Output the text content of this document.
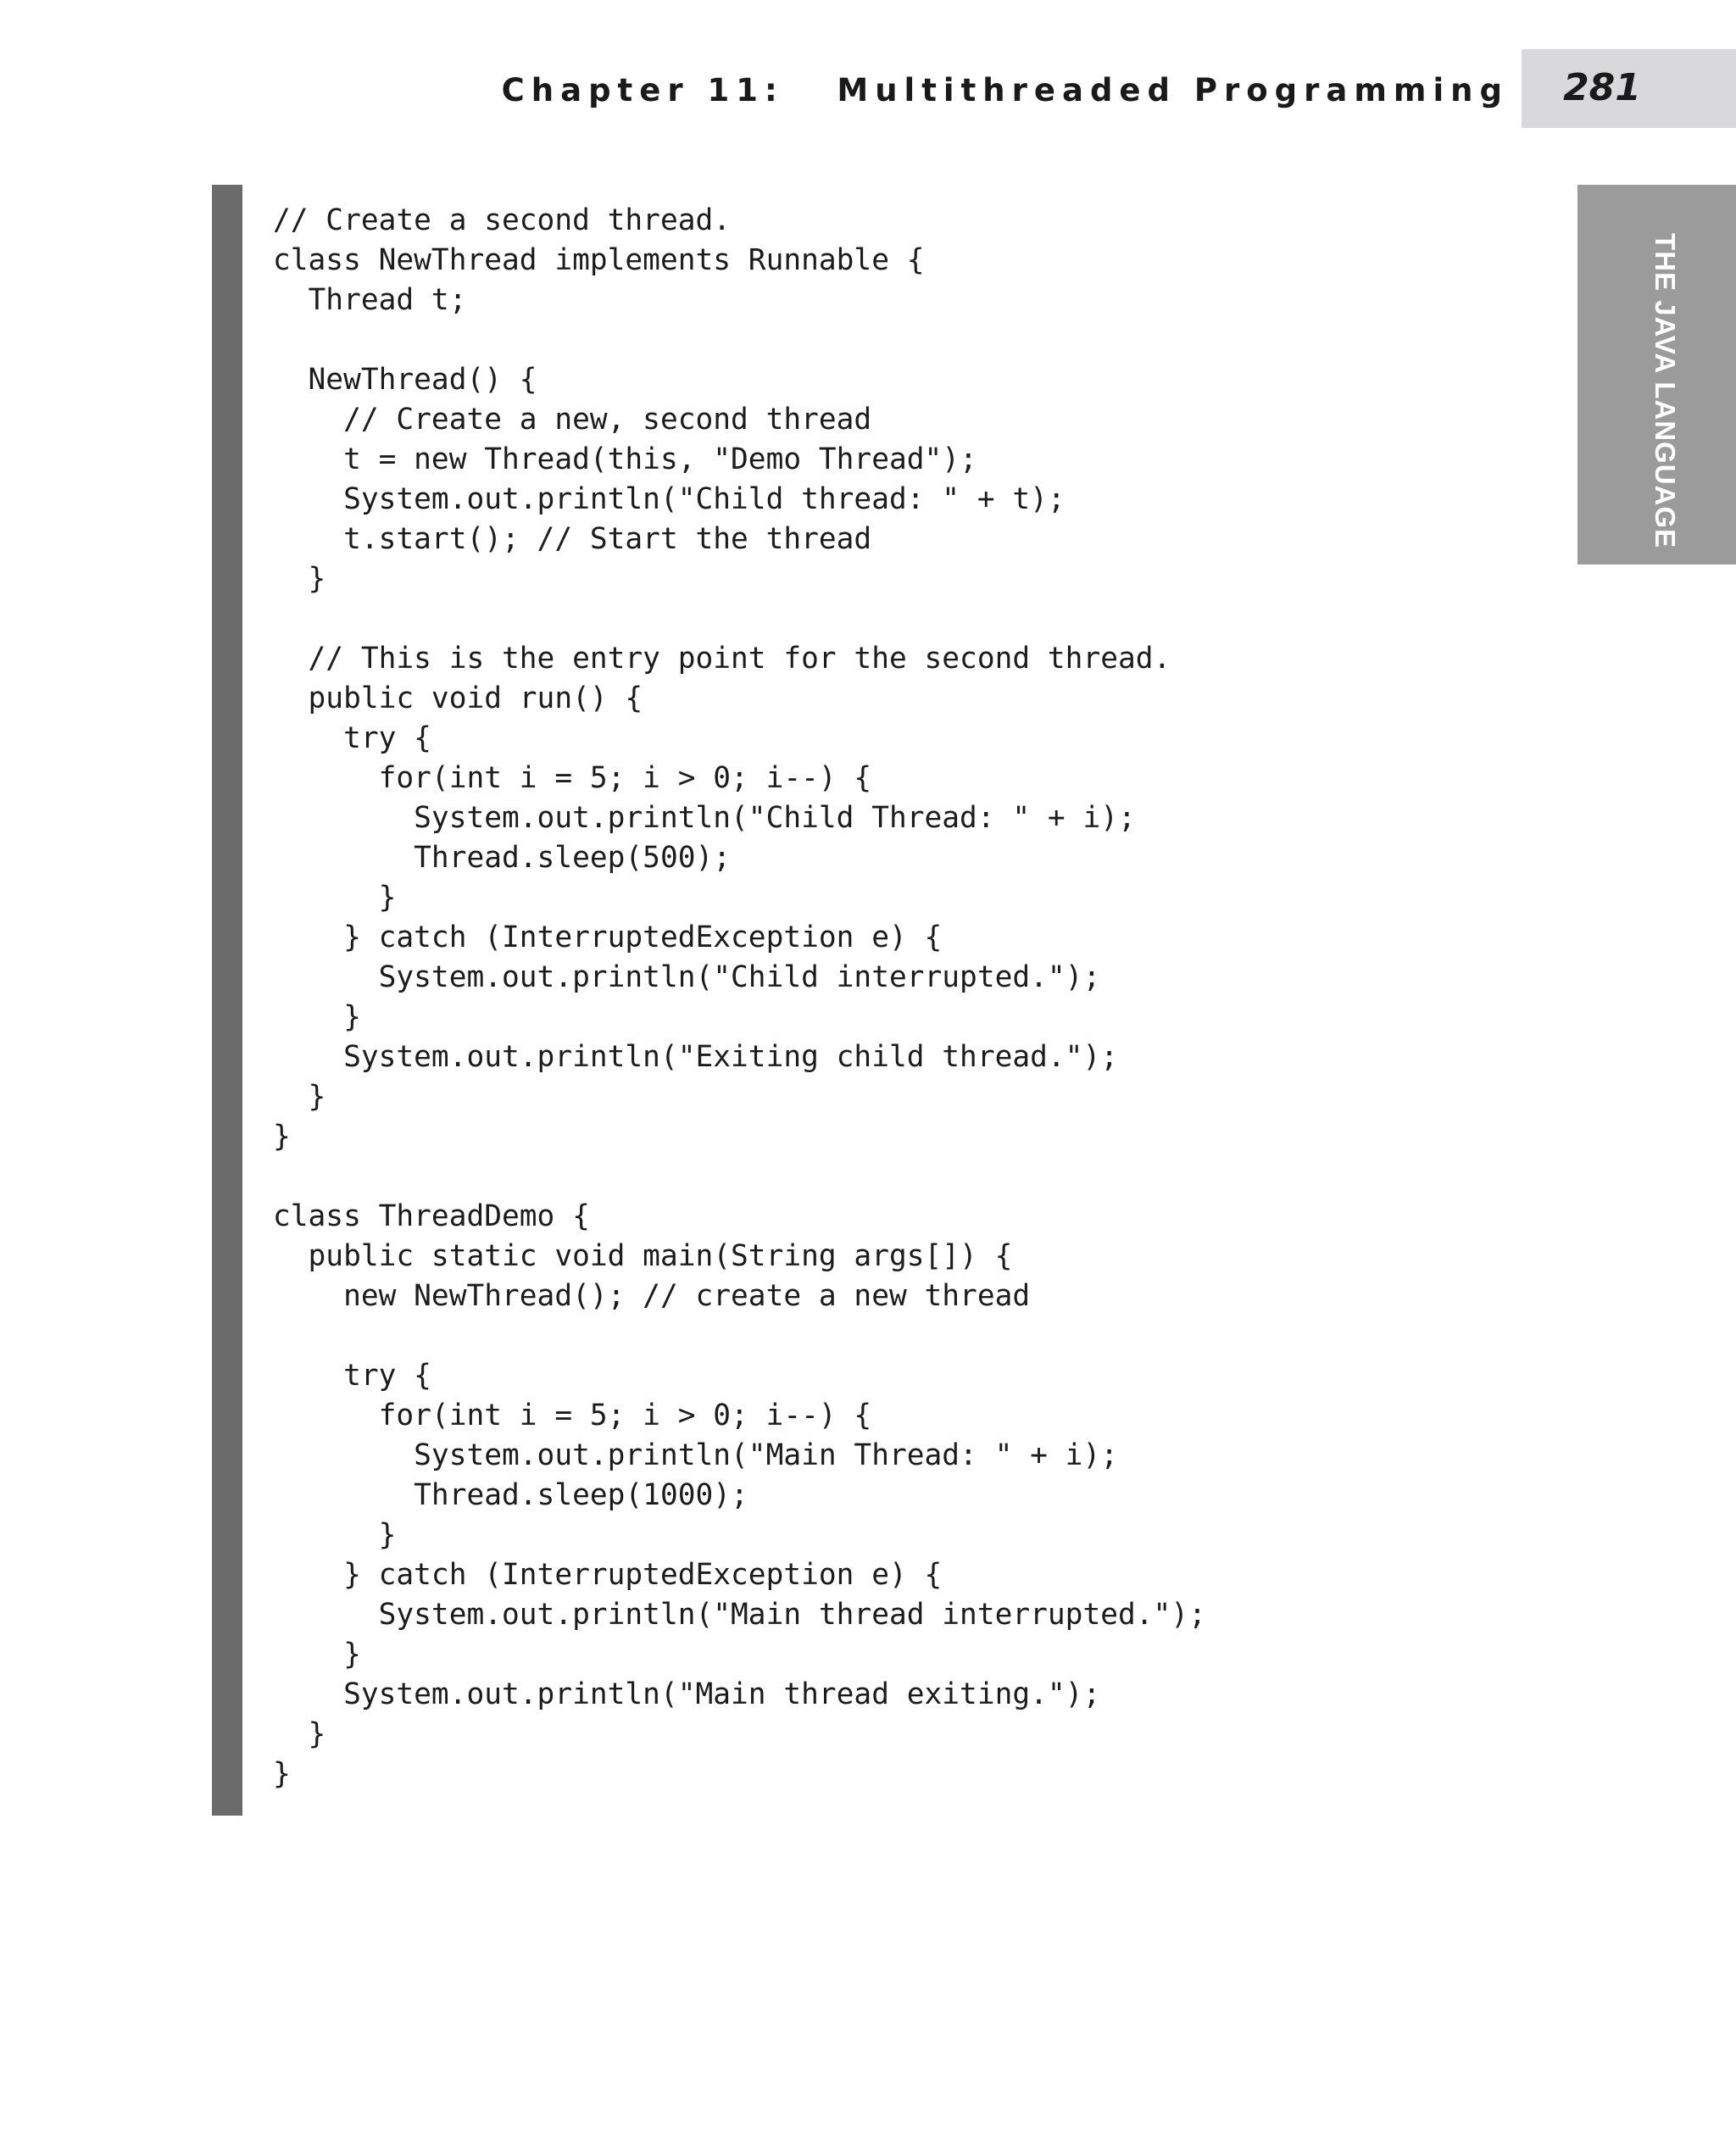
Chapter 11:   Multithreaded Programming	281
THE JAVA LANGUAGE
// Create a second thread.
class NewThread implements Runnable {
Thread t;
NewThread() {
// Create a new, second thread
t = new Thread(this, "Demo Thread");
System.out.println("Child thread: " + t);
t.start(); // Start the thread
}
// This is the entry point for the second thread.
public void run() {
try {
for(int i = 5; i > 0; i--) {
System.out.println("Child Thread: " + i);
Thread.sleep(500);
}
} catch (InterruptedException e) {
System.out.println("Child interrupted.");
}
System.out.println("Exiting child thread.");
}
}
class ThreadDemo {
public static void main(String args[]) {
new NewThread(); // create a new thread
try {
for(int i = 5; i > 0; i--) {
System.out.println("Main Thread: " + i);
Thread.sleep(1000);
}
} catch (InterruptedException e) {
System.out.println("Main thread interrupted.");
}
System.out.println("Main thread exiting.");
}
}
